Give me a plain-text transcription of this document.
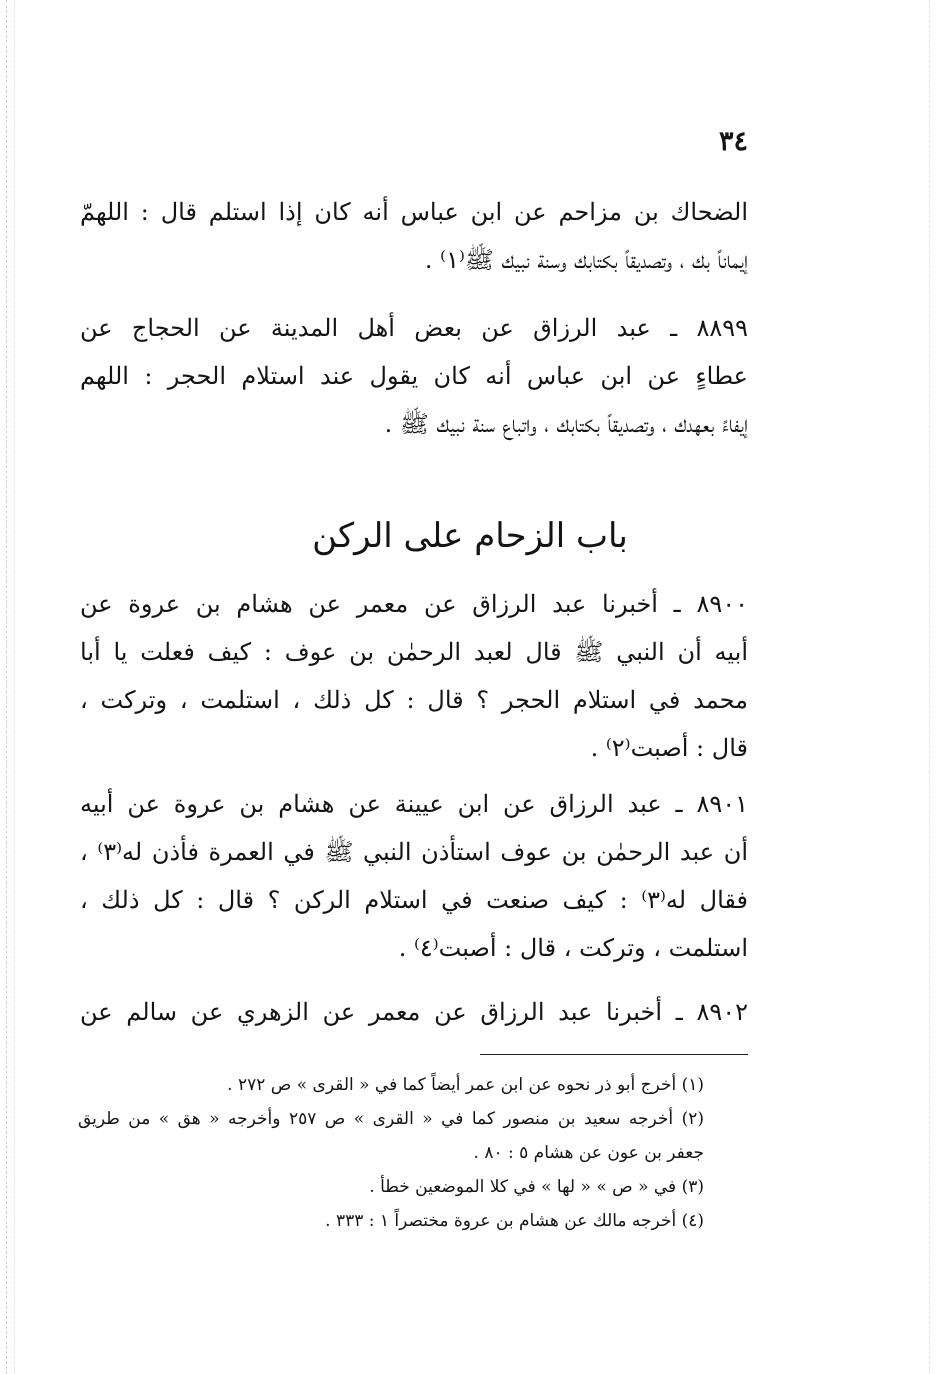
٣٤
الضحاك بن مزاحم عن ابن عباس أنه كان إذا استلم قال : اللهمّ
إيماناً بك ، وتصديقاً بكتابك وسنة نبيك ﷺ⁽١⁾ .
٨٨٩٩ ـ عبد الرزاق عن بعض أهل المدينة عن الحجاج عن
عطاءٍ عن ابن عباس أنه كان يقول عند استلام الحجر : اللهم
إيفاءً بعهدك ، وتصديقاً بكتابك ، واتباع سنة نبيك ﷺ .
باب الزحام على الركن
٨٩٠٠ ـ أخبرنا عبد الرزاق عن معمر عن هشام بن عروة عن
أبيه أن النبي ﷺ قال لعبد الرحمٰن بن عوف : كيف فعلت يا أبا
محمد في استلام الحجر ؟ قال : كل ذلك ، استلمت ، وتركت ،
قال : أصبت⁽٢⁾ .
٨٩٠١ ـ عبد الرزاق عن ابن عيينة عن هشام بن عروة عن أبيه
أن عبد الرحمٰن بن عوف استأذن النبي ﷺ في العمرة فأذن له⁽٣⁾ ،
فقال له⁽٣⁾ : كيف صنعت في استلام الركن ؟ قال : كل ذلك ،
استلمت ، وتركت ، قال : أصبت⁽٤⁾ .
٨٩٠٢ ـ أخبرنا عبد الرزاق عن معمر عن الزهري عن سالم عن
(١) أخرج أبو ذر نحوه عن ابن عمر أيضاً كما في « القرى » ص ٢٧٢ .
(٢) أخرجه سعيد بن منصور كما في « القرى » ص ٢٥٧ وأخرجه « هق » من طريق
جعفر بن عون عن هشام ٥ : ٨٠ .
(٣) في « ص » « لها » في كلا الموضعين خطأ .
(٤) أخرجه مالك عن هشام بن عروة مختصراً ١ : ٣٣٣ .
